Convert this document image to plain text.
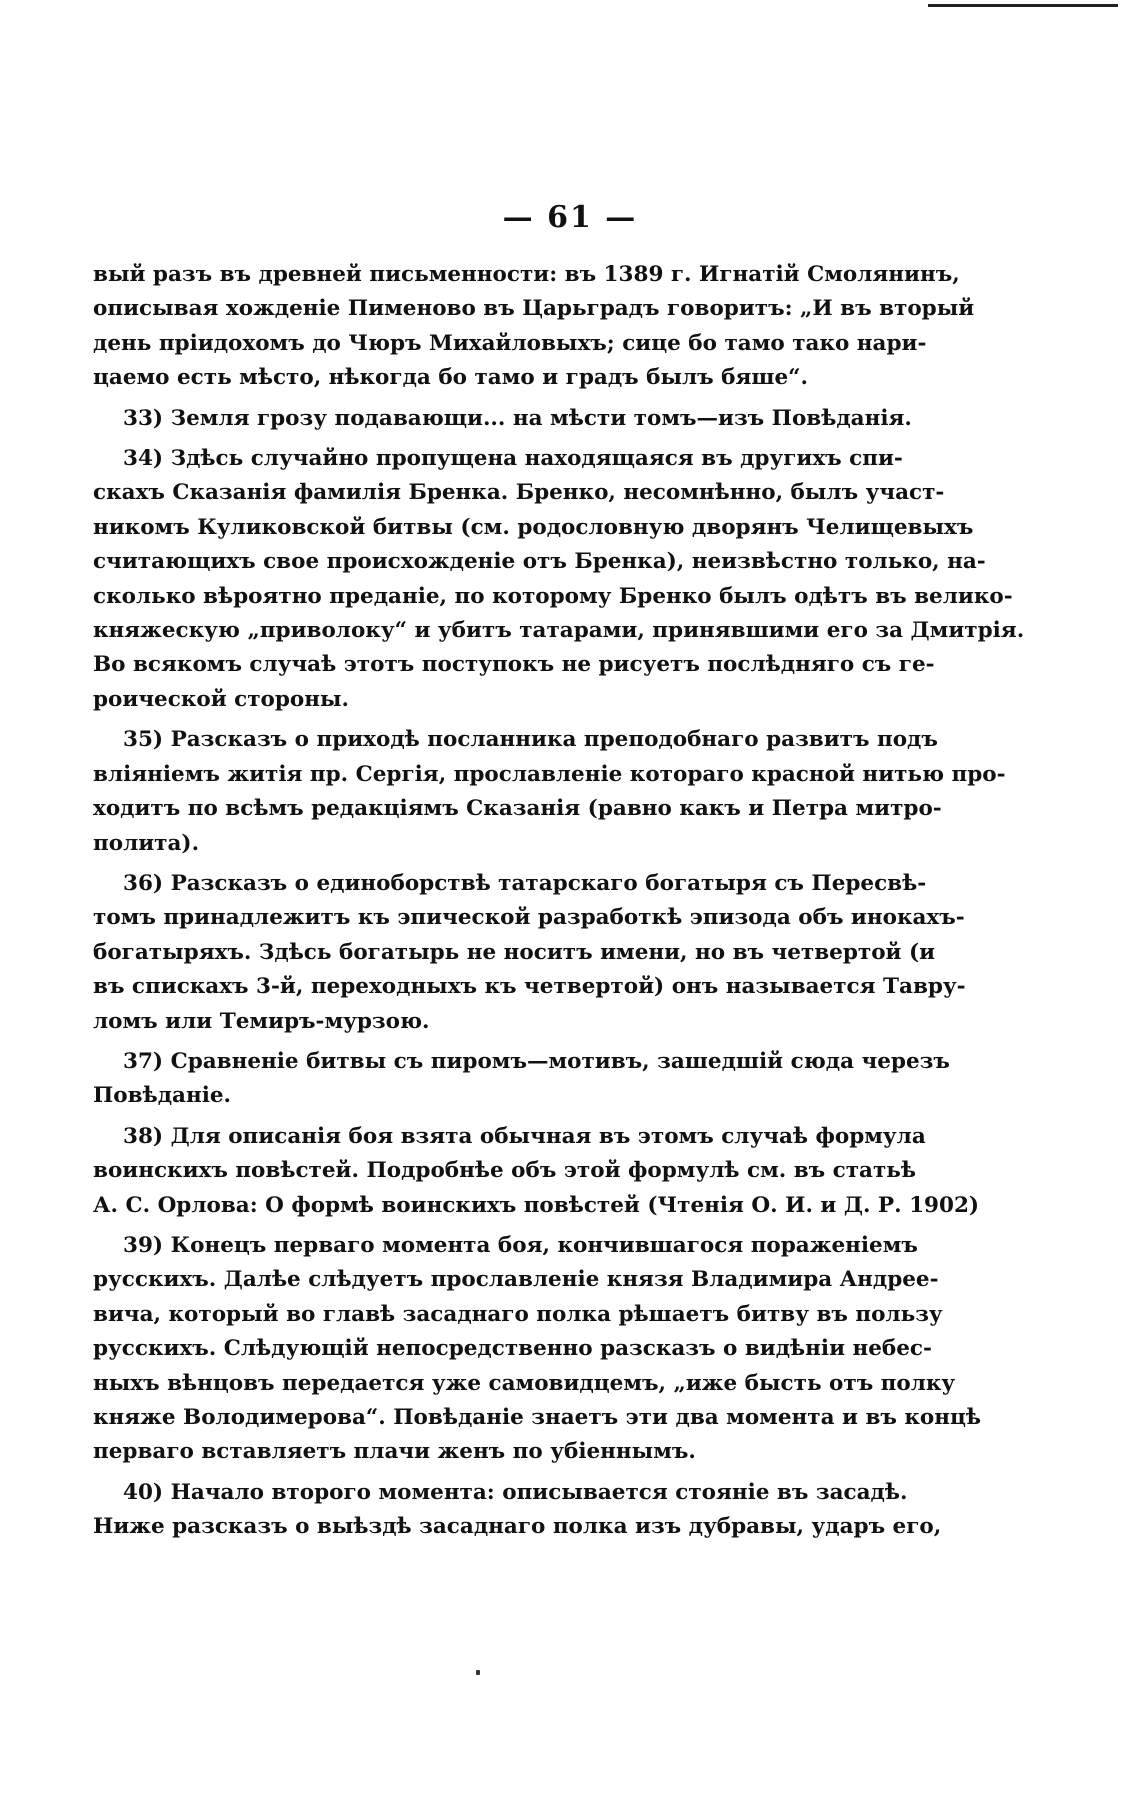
— 61 —
вый разъ въ древней письменности: въ 1389 г. Игнатій Смолянинъ,
описывая хожденіе Пименово въ Царьградъ говоритъ: „И въ вторый
день пріидохомъ до Чюръ Михайловыхъ; сице бо тамо тако нари-
цаемо есть мѣсто, нѣкогда бо тамо и градъ былъ бяше“.
33) Земля грозу подавающи... на мѣсти томъ—изъ Повѣданія.
34) Здѣсь случайно пропущена находящаяся въ другихъ спи-
скахъ Сказанія фамилія Бренка. Бренко, несомнѣнно, былъ участ-
никомъ Куликовской битвы (см. родословную дворянъ Челищевыхъ
считающихъ свое происхожденіе отъ Бренка), неизвѣстно только, на-
сколько вѣроятно преданіе, по которому Бренко былъ одѣтъ въ велико-
княжескую „приволоку“ и убитъ татарами, принявшими его за Дмитрія.
Во всякомъ случаѣ этотъ поступокъ не рисуетъ послѣдняго съ ге-
роической стороны.
35) Разсказъ о приходѣ посланника преподобнаго развитъ подъ
вліяніемъ житія пр. Сергія, прославленіе котораго красной нитью про-
ходитъ по всѣмъ редакціямъ Сказанія (равно какъ и Петра митро-
полита).
36) Разсказъ о единоборствѣ татарскаго богатыря съ Пересвѣ-
томъ принадлежитъ къ эпической разработкѣ эпизода объ инокахъ-
богатыряхъ. Здѣсь богатырь не носитъ имени, но въ четвертой (и
въ спискахъ 3-й, переходныхъ къ четвертой) онъ называется Тавру-
ломъ или Темиръ-мурзою.
37) Сравненіе битвы съ пиромъ—мотивъ, зашедшій сюда черезъ
Повѣданіе.
38) Для описанія боя взята обычная въ этомъ случаѣ формула
воинскихъ повѣстей. Подробнѣе объ этой формулѣ см. въ статьѣ
А. С. Орлова: О формѣ воинскихъ повѣстей (Чтенія О. И. и Д. Р. 1902)
39) Конецъ перваго момента боя, кончившагося пораженіемъ
русскихъ. Далѣе слѣдуетъ прославленіе князя Владимира Андрее-
вича, который во главѣ засаднаго полка рѣшаетъ битву въ пользу
русскихъ. Слѣдующій непосредственно разсказъ о видѣніи небес-
ныхъ вѣнцовъ передается уже самовидцемъ, „иже бысть отъ полку
княже Володимерова“. Повѣданіе знаетъ эти два момента и въ концѣ
перваго вставляетъ плачи женъ по убіеннымъ.
40) Начало второго момента: описывается стояніе въ засадѣ.
Ниже разсказъ о выѣздѣ засаднаго полка изъ дубравы, ударъ его,
